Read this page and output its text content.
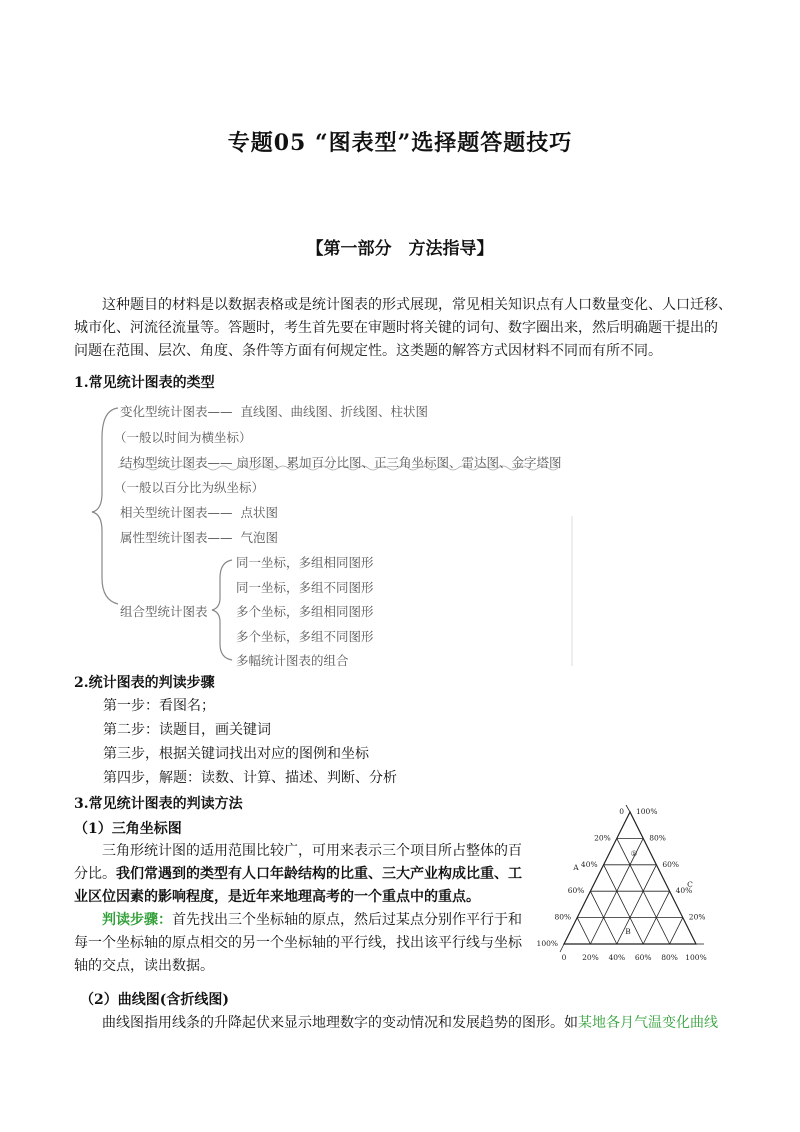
专题05 “图表型”选择题答题技巧
【第一部分　方法指导】
这种题目的材料是以数据表格或是统计图表的形式展现，常见相关知识点有人口数量变化、人口迁移、
城市化、河流径流量等。答题时，考生首先要在审题时将关键的词句、数字圈出来，然后明确题干提出的
问题在范围、层次、角度、条件等方面有何规定性。这类题的解答方式因材料不同而有所不同。
1.常见统计图表的类型
变化型统计图表—— 直线图、曲线图、折线图、柱状图
（一般以时间为横坐标）
结构型统计图表—— 扇形图、累加百分比图、正三角坐标图、雷达图、金字塔图
（一般以百分比为纵坐标）
相关型统计图表—— 点状图
属性型统计图表—— 气泡图
组合型统计图表
同一坐标，多组相同图形
同一坐标，多组不同图形
多个坐标，多组相同图形
多个坐标，多组不同图形
多幅统计图表的组合
2.统计图表的判读步骤
第一步：看图名；
第二步：读题目，画关键词
第三步，根据关键词找出对应的图例和坐标
第四步，解题：读数、计算、描述、判断、分析
3.常见统计图表的判读方法
（1）三角坐标图
三角形统计图的适用范围比较广，可用来表示三个项目所占整体的百
分比。我们常遇到的类型有人口年龄结构的比重、三大产业构成比重、工
业区位因素的影响程度，是近年来地理高考的一个重点中的重点。
判读步骤：首先找出三个坐标轴的原点，然后过某点分别作平行于和
每一个坐标轴的原点相交的另一个坐标轴的平行线，找出该平行线与坐标
轴的交点，读出数据。
（2）曲线图(含折线图)
曲线图指用线条的升降起伏来显示地理数字的变动情况和发展趋势的图形。如某地各月气温变化曲线
0
20%
40%
60%
80%
100%
100%
80%
60%
40%
20%
0 20% 40% 60% 80% 100%
A
C
①
B
